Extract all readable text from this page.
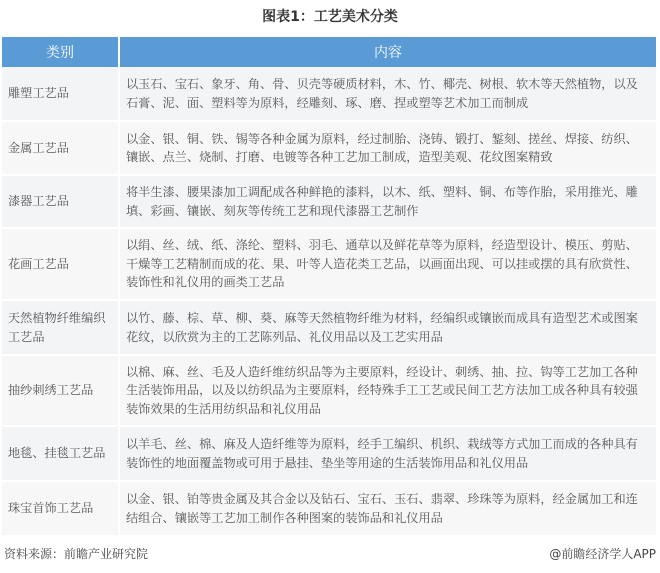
图表1：工艺美术分类
类别	内容
雕塑工艺品	以玉石、宝石、象牙、角、骨、贝壳等硬质材料，木、竹、椰壳、树根、软木等天然植物，以及石膏、泥、面、塑料等为原料，经雕刻、琢、磨、捏或塑等艺术加工而制成
金属工艺品	以金、银、铜、铁、锡等各种金属为原料，经过制胎、浇铸、锻打、錾刻、搓丝、焊接、纺织、镶嵌、点兰、烧制、打磨、电镀等各种工艺加工制成，造型美观、花纹图案精致
漆器工艺品	将半生漆、腰果漆加工调配成各种鲜艳的漆料，以木、纸、塑料、铜、布等作胎，采用推光、雕填、彩画、镶嵌、刻灰等传统工艺和现代漆器工艺制作
花画工艺品	以绢、丝、绒、纸、涤纶、塑料、羽毛、通草以及鲜花草等为原料，经造型设计、模压、剪贴、干燥等工艺精制而成的花、果、叶等人造花类工艺品，以画面出现、可以挂或摆的具有欣赏性、装饰性和礼仪用的画类工艺品
天然植物纤维编织工艺品	以竹、藤、棕、草、柳、葵、麻等天然植物纤维为材料，经编织或镶嵌而成具有造型艺术或图案花纹，以欣赏为主的工艺陈列品、礼仪用品以及工艺实用品
抽纱刺绣工艺品	以棉、麻、丝、毛及人造纤维纺织品等为主要原料，经设计、刺绣、抽、拉、钩等工艺加工各种生活装饰用品，以及以纺织品为主要原料，经特殊手工工艺或民间工艺方法加工成各种具有较强装饰效果的生活用纺织品和礼仪用品
地毯、挂毯工艺品	以羊毛、丝、棉、麻及人造纤维等为原料，经手工编织、机织、栽绒等方式加工而成的各种具有装饰性的地面覆盖物或可用于悬挂、垫坐等用途的生活装饰用品和礼仪用品
珠宝首饰工艺品	以金、银、铂等贵金属及其合金以及钻石、宝石、玉石、翡翠、珍珠等为原料，经金属加工和连结组合、镶嵌等工艺加工制作各种图案的装饰品和礼仪用品
资料来源：前瞻产业研究院	@前瞻经济学人APP
